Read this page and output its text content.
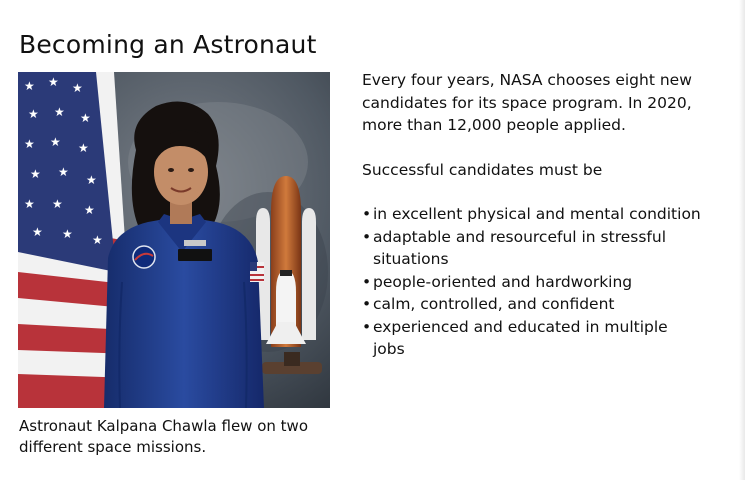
Becoming an Astronaut
★ ★ ★
★ ★ ★
★ ★ ★
★ ★
★
★ ★ ★
★ ★ ★
Astronaut Kalpana Chawla flew on two different space missions.

Every four years, NASA chooses eight new candidates for its space program. In 2020, more than 12,000 people applied.

Successful candidates must be

• in excellent physical and mental condition
• adaptable and resourceful in stressful situations
• people-oriented and hardworking
• calm, controlled, and confident
• experienced and educated in multiple jobs
